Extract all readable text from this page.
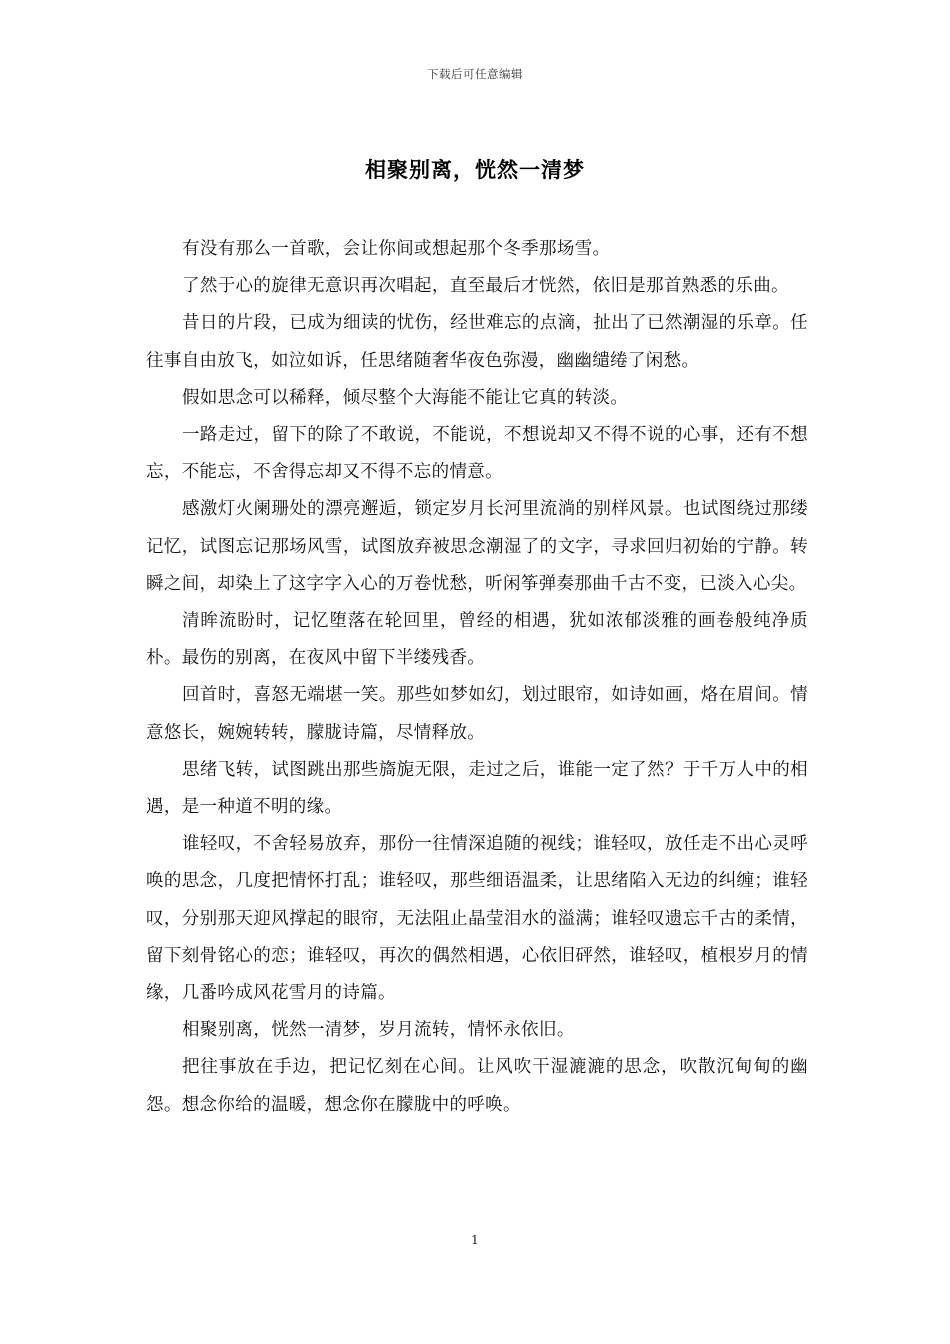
下载后可任意编辑
相聚别离，恍然一清梦

有没有那么一首歌，会让你间或想起那个冬季那场雪。

了然于心的旋律无意识再次唱起，直至最后才恍然，依旧是那首熟悉的乐曲。

昔日的片段，已成为细读的忧伤，经世难忘的点滴，扯出了已然潮湿的乐章。任往事自由放飞，如泣如诉，任思绪随奢华夜色弥漫，幽幽缱绻了闲愁。

假如思念可以稀释，倾尽整个大海能不能让它真的转淡。

一路走过，留下的除了不敢说，不能说，不想说却又不得不说的心事，还有不想忘，不能忘，不舍得忘却又不得不忘的情意。

感激灯火阑珊处的漂亮邂逅，锁定岁月长河里流淌的别样风景。也试图绕过那缕记忆，试图忘记那场风雪，试图放弃被思念潮湿了的文字，寻求回归初始的宁静。转瞬之间，却染上了这字字入心的万卷忧愁，听闲筝弹奏那曲千古不变，已淡入心尖。

清眸流盼时，记忆堕落在轮回里，曾经的相遇，犹如浓郁淡雅的画卷般纯净质朴。最伤的别离，在夜风中留下半缕残香。

回首时，喜怒无端堪一笑。那些如梦如幻，划过眼帘，如诗如画，烙在眉间。情意悠长，婉婉转转，朦胧诗篇，尽情释放。

思绪飞转，试图跳出那些旖旎无限，走过之后，谁能一定了然？于千万人中的相遇，是一种道不明的缘。

谁轻叹，不舍轻易放弃，那份一往情深追随的视线；谁轻叹，放任走不出心灵呼唤的思念，几度把情怀打乱；谁轻叹，那些细语温柔，让思绪陷入无边的纠缠；谁轻叹，分别那天迎风撑起的眼帘，无法阻止晶莹泪水的溢满；谁轻叹遗忘千古的柔情，留下刻骨铭心的恋；谁轻叹，再次的偶然相遇，心依旧砰然，谁轻叹，植根岁月的情缘，几番吟成风花雪月的诗篇。

相聚别离，恍然一清梦，岁月流转，情怀永依旧。

把往事放在手边，把记忆刻在心间。让风吹干湿漉漉的思念，吹散沉甸甸的幽怨。想念你给的温暖，想念你在朦胧中的呼唤。

1
